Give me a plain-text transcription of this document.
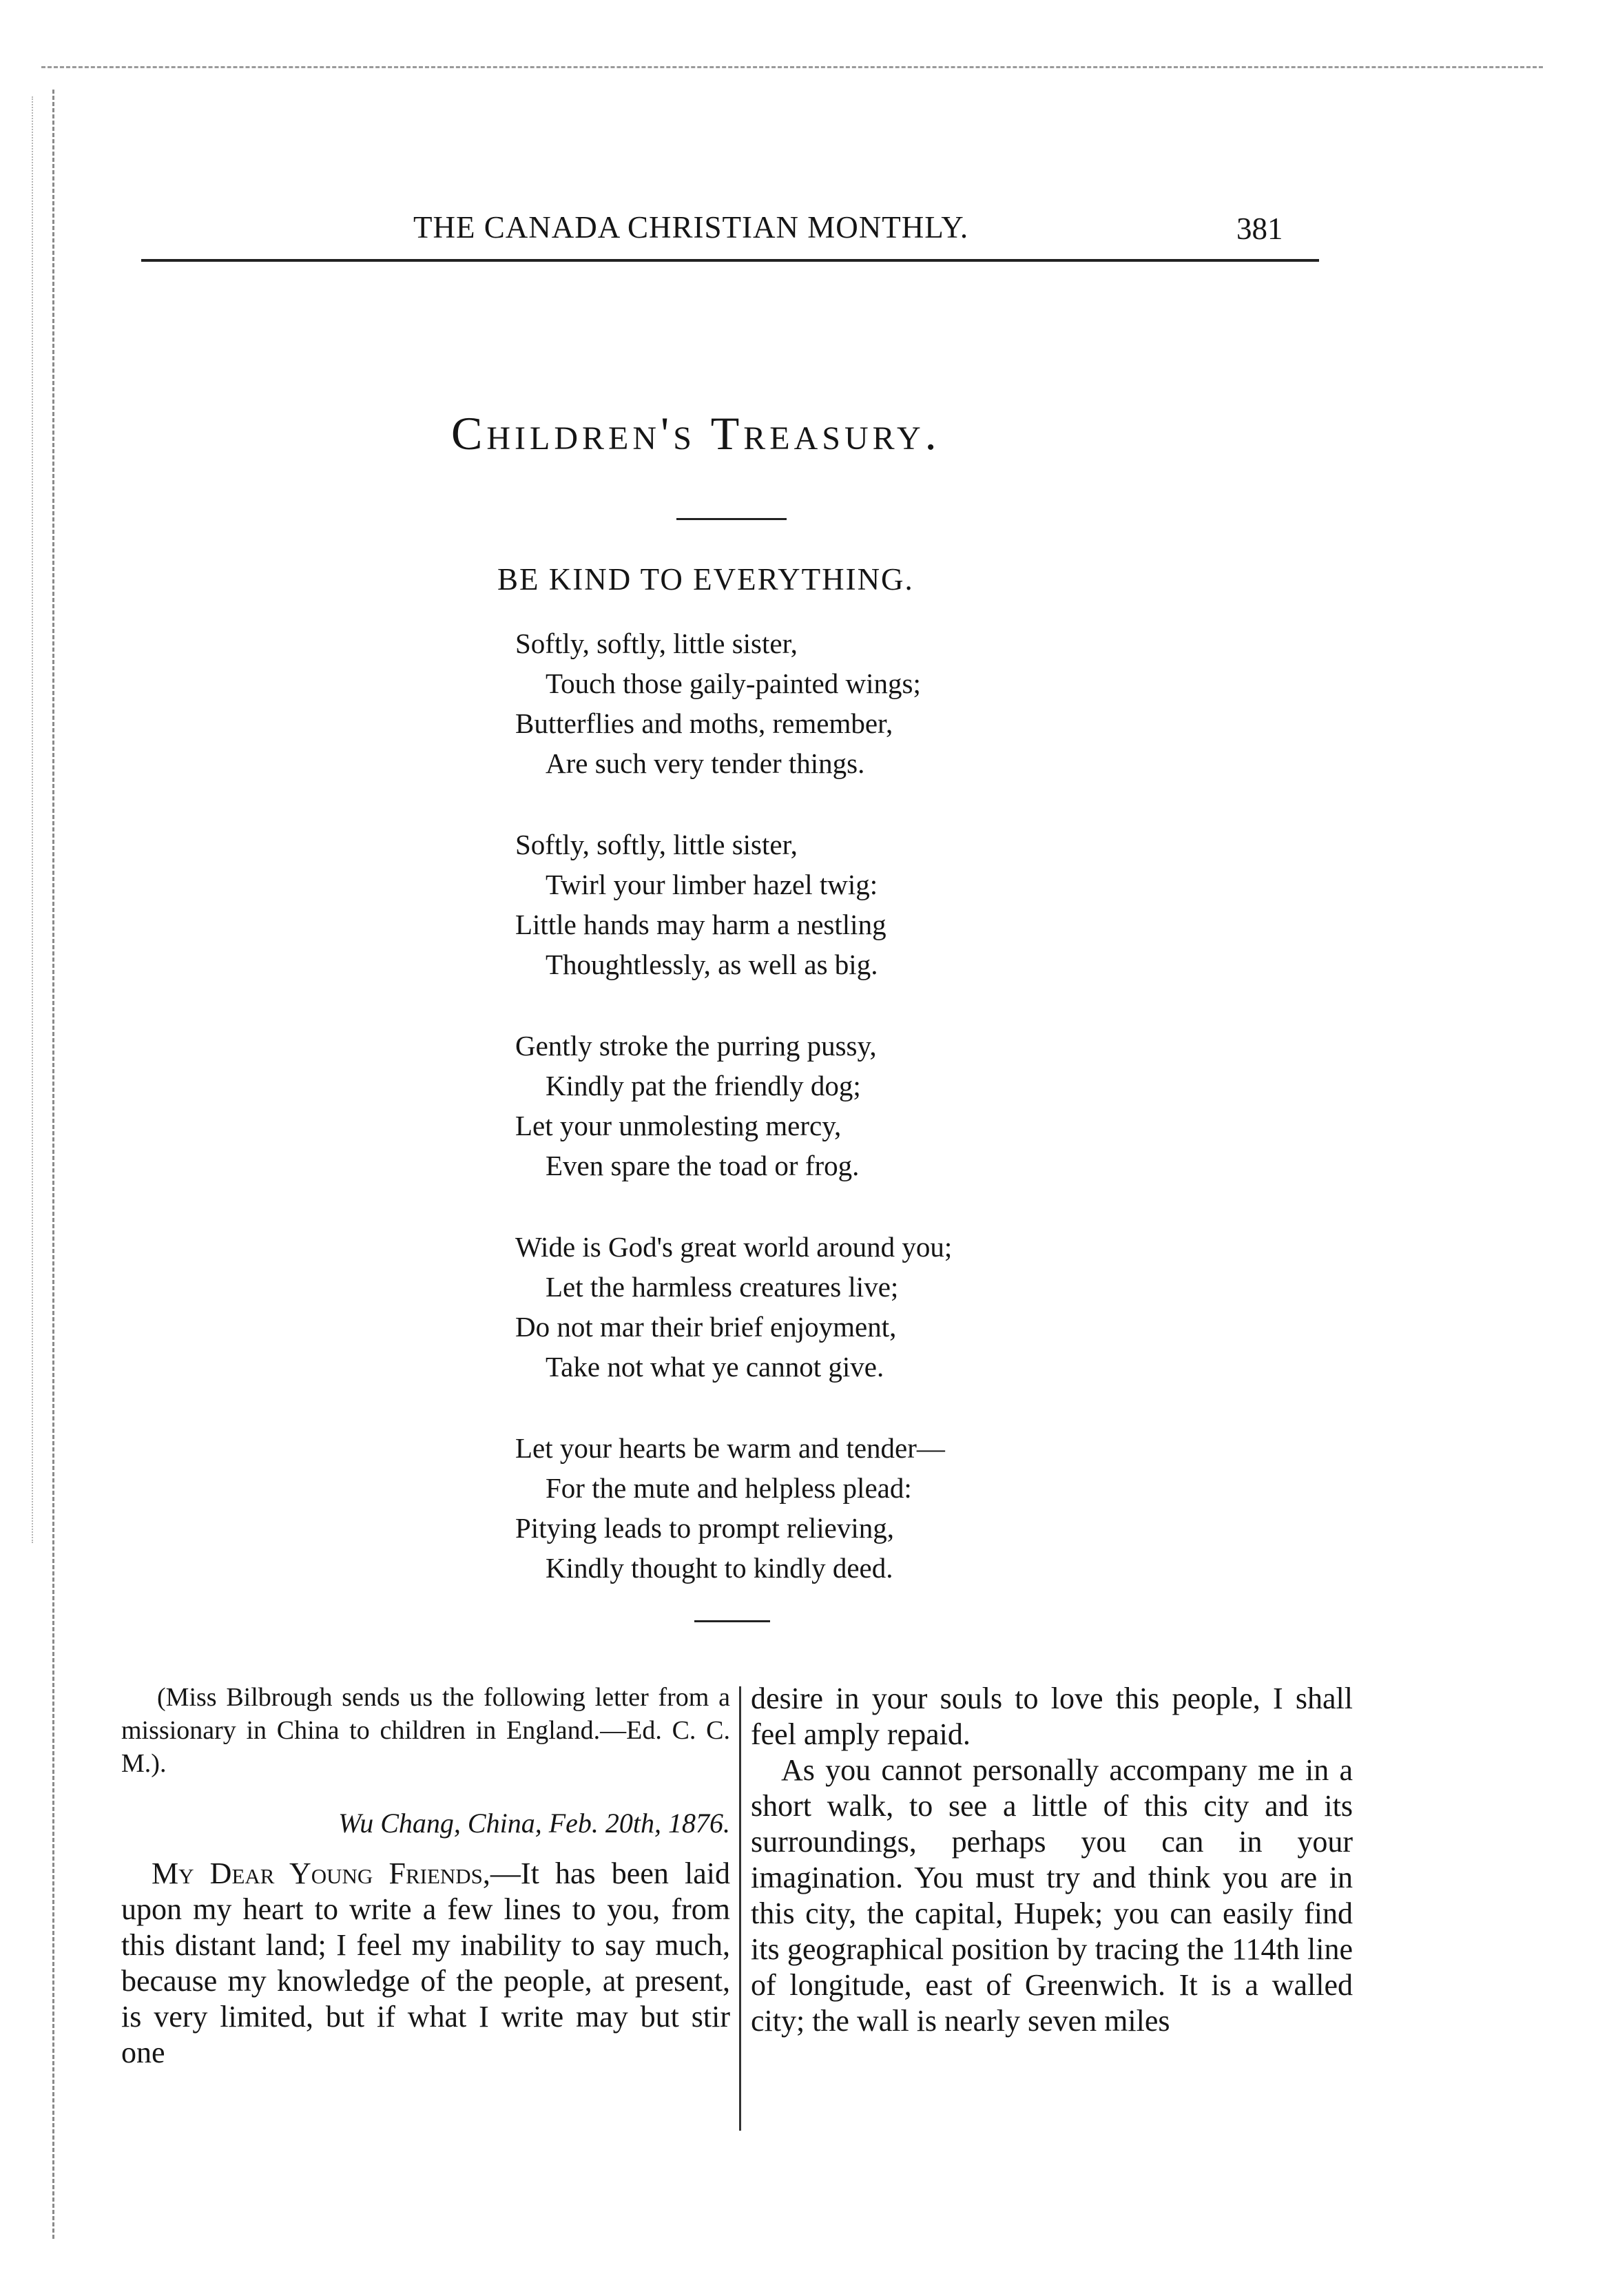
THE CANADA CHRISTIAN MONTHLY.	381
Children's Treasury.
BE KIND TO EVERYTHING.
Softly, softly, little sister,
Touch those gaily-painted wings;
Butterflies and moths, remember,
Are such very tender things.
Softly, softly, little sister,
Twirl your limber hazel twig:
Little hands may harm a nestling
Thoughtlessly, as well as big.
Gently stroke the purring pussy,
Kindly pat the friendly dog;
Let your unmolesting mercy,
Even spare the toad or frog.
Wide is God's great world around you;
Let the harmless creatures live;
Do not mar their brief enjoyment,
Take not what ye cannot give.
Let your hearts be warm and tender—
For the mute and helpless plead:
Pitying leads to prompt relieving,
Kindly thought to kindly deed.

(Miss Bilbrough sends us the following letter from a missionary in China to children in England.—Ed. C. C. M.).

Wu Chang, China, Feb. 20th, 1876.

My Dear Young Friends,—It has been laid upon my heart to write a few lines to you, from this distant land; I feel my inability to say much, because my knowledge of the people, at present, is very limited, but if what I write may but stir one

desire in your souls to love this people, I shall feel amply repaid.

As you cannot personally accompany me in a short walk, to see a little of this city and its surroundings, perhaps you can in your imagination. You must try and think you are in this city, the capital, Hupek; you can easily find its geographical position by tracing the 114th line of longitude, east of Greenwich. It is a walled city; the wall is nearly seven miles
